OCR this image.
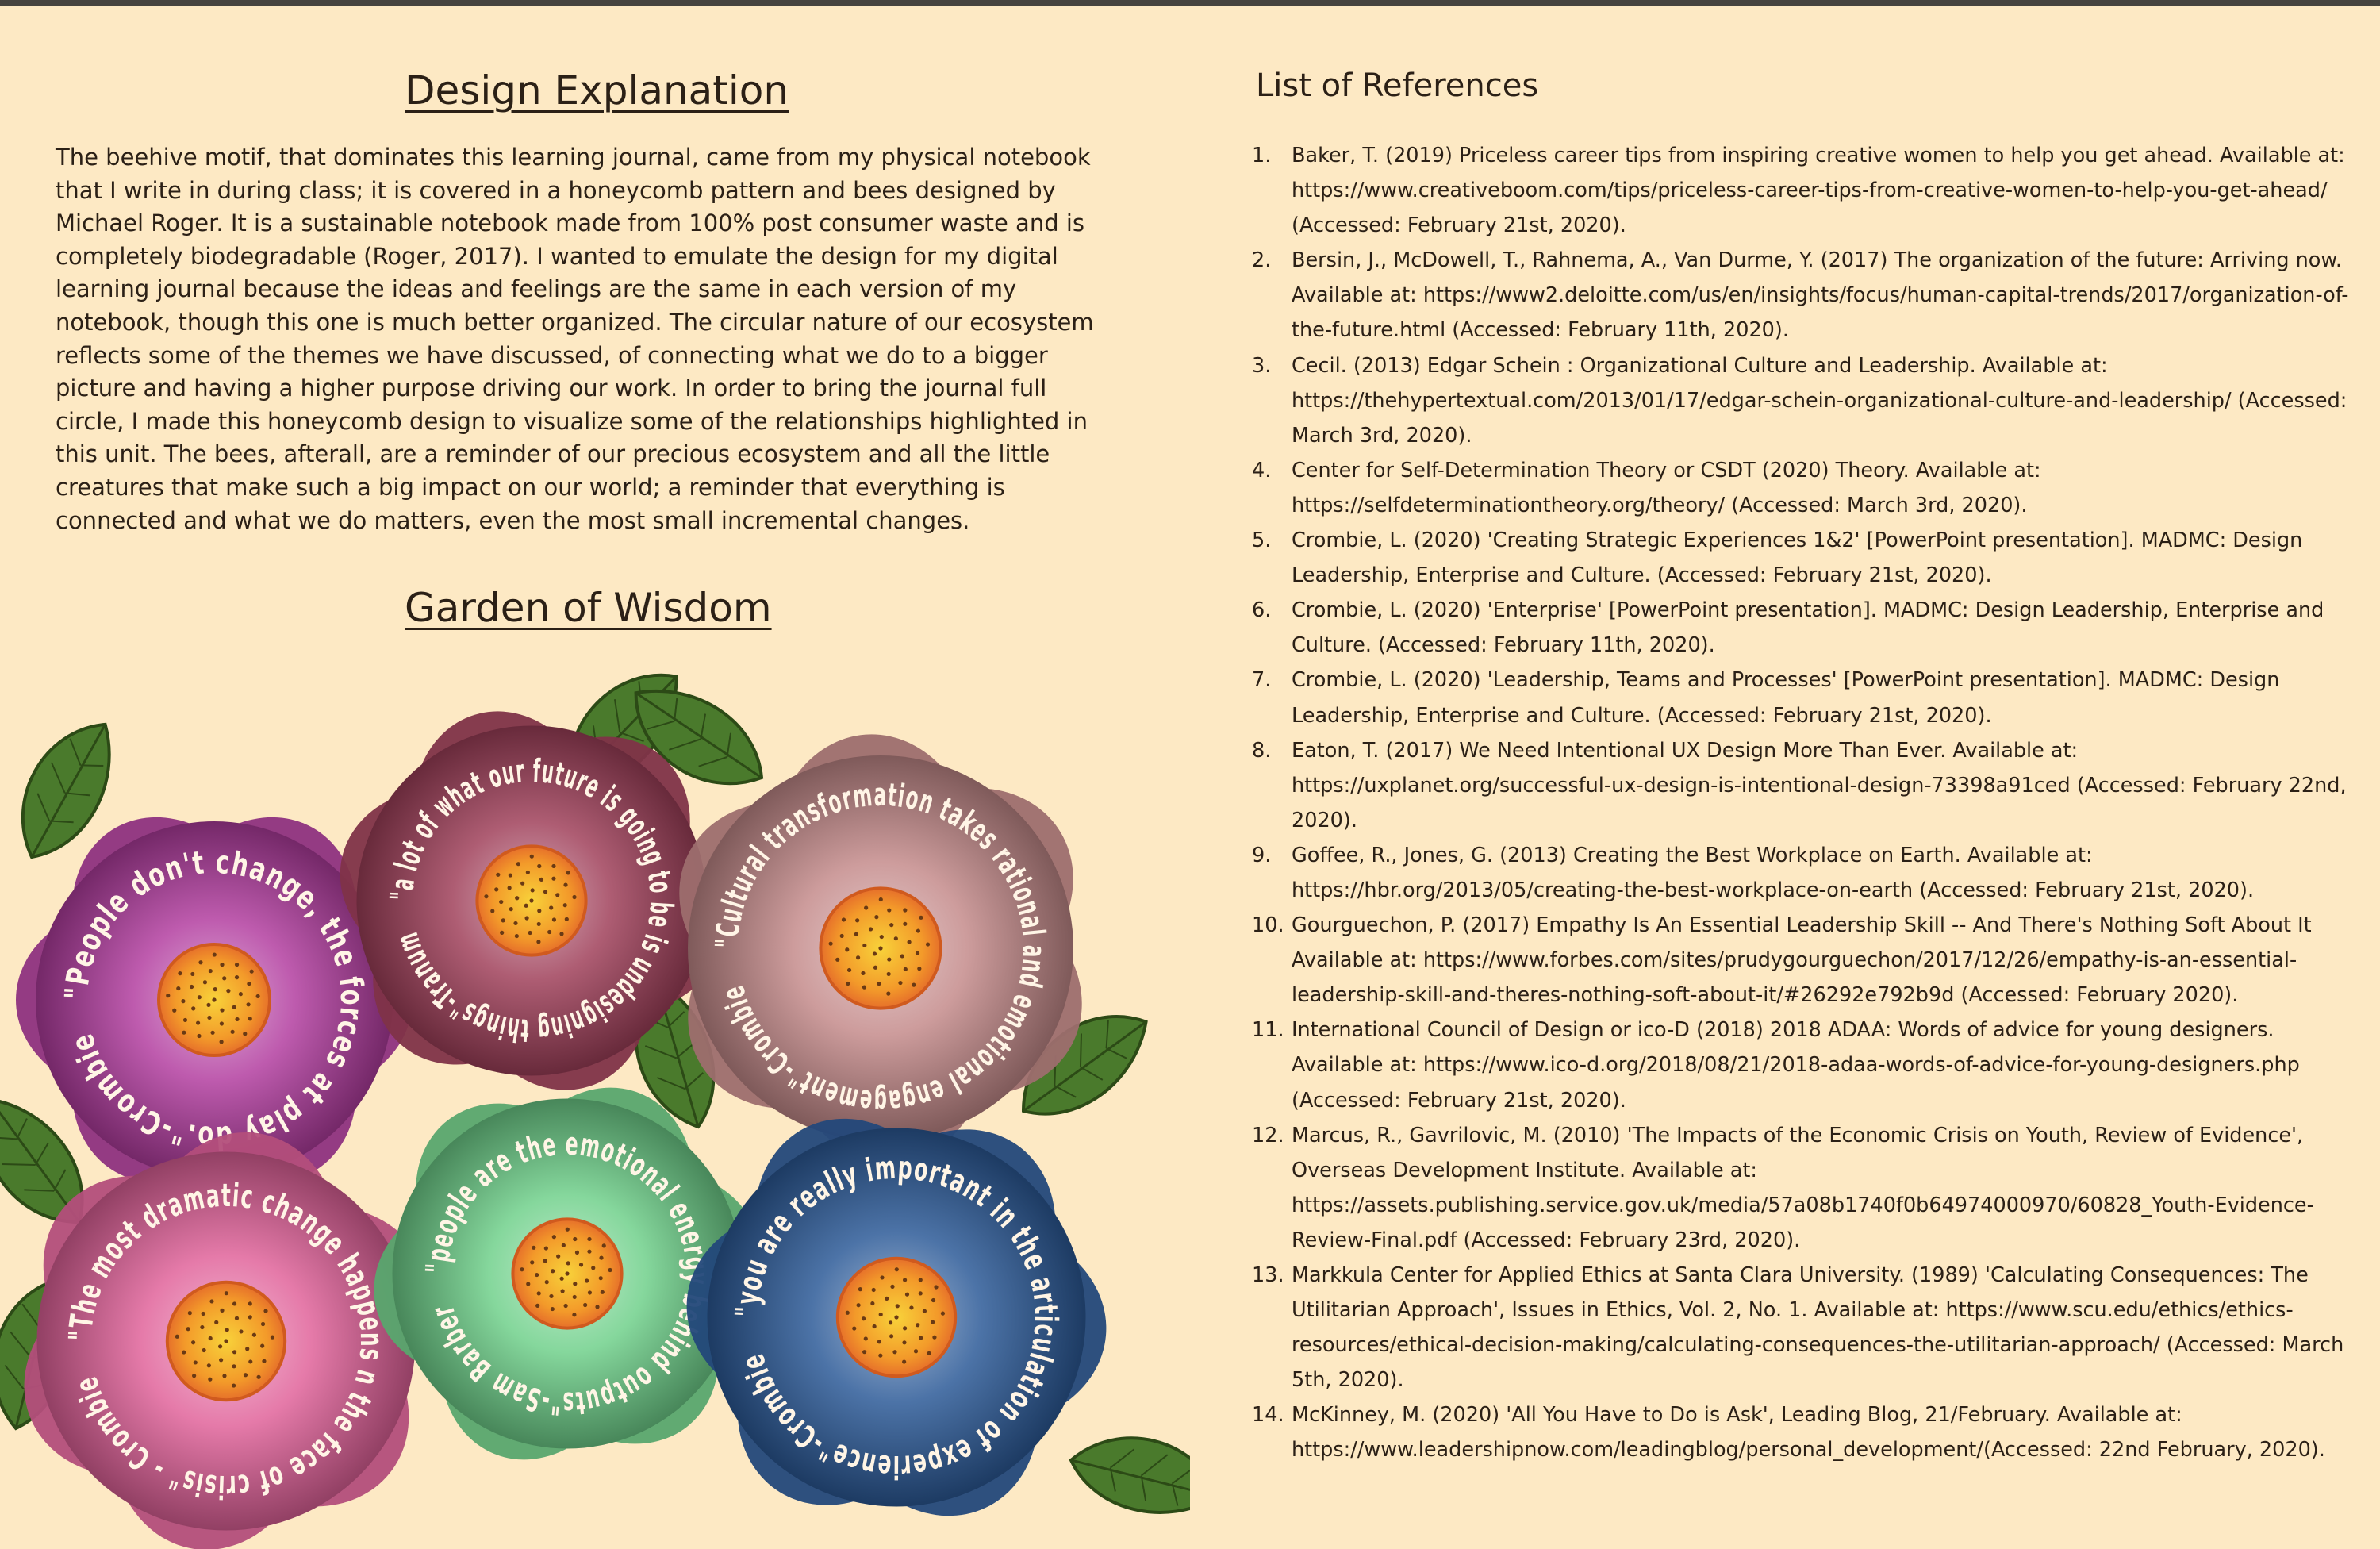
Design Explanation

The beehive motif, that dominates this learning journal, came from my physical notebook that I write in during class; it is covered in a honeycomb pattern and bees designed by Michael Roger. It is a sustainable notebook made from 100% post consumer waste and is completely biodegradable (Roger, 2017). I wanted to emulate the design for my digital learning journal because the ideas and feelings are the same in each version of my notebook, though this one is much better organized. The circular nature of our ecosystem reflects some of the themes we have discussed, of connecting what we do to a bigger picture and having a higher purpose driving our work. In order to bring the journal full circle, I made this honeycomb design to visualize some of the relationships highlighted in this unit. The bees, afterall, are a reminder of our precious ecosystem and all the little creatures that make such a big impact on our world; a reminder that everything is connected and what we do matters, even the most small incremental changes.

Garden of Wisdom
"People don't change, the forces at pla o."-Crombie
"a lot of what our future is going to be is undesigning things"-Tranum	"Cultural transformation takes rational and emotional engagement"-Crombie
"The most dramatic change happens n the face of crisis" - Crombie
"people are the emotional ener ehind outputs"-Sam Barber	"you are really important in the articulation of experience"-Crombie
List of References
1. Baker, T. (2019) Priceless career tips from inspiring creative women to help you get ahead. Available at: https://www.creativeboom.com/tips/priceless-career-tips-from-creative-women-to-help-you-get-ahead/ (Accessed: February 21st, 2020).
2. Bersin, J., McDowell, T., Rahnema, A., Van Durme, Y. (2017) The organization of the future: Arriving now. Available at: https://www2.deloitte.com/us/en/insights/focus/human-capital-trends/2017/organization-of-the-future.html (Accessed: February 11th, 2020).
3. Cecil. (2013) Edgar Schein : Organizational Culture and Leadership. Available at: https://thehypertextual.com/2013/01/17/edgar-schein-organizational-culture-and-leadership/ (Accessed: March 3rd, 2020).
4. Center for Self-Determination Theory or CSDT (2020) Theory. Available at: https://selfdeterminationtheory.org/theory/ (Accessed: March 3rd, 2020).
5. Crombie, L. (2020) 'Creating Strategic Experiences 1&2' [PowerPoint presentation]. MADMC: Design Leadership, Enterprise and Culture. (Accessed: February 21st, 2020).
6. Crombie, L. (2020) 'Enterprise' [PowerPoint presentation]. MADMC: Design Leadership, Enterprise and Culture. (Accessed: February 11th, 2020).
7. Crombie, L. (2020) 'Leadership, Teams and Processes' [PowerPoint presentation]. MADMC: Design Leadership, Enterprise and Culture. (Accessed: February 21st, 2020).
8. Eaton, T. (2017) We Need Intentional UX Design More Than Ever. Available at: https://uxplanet.org/successful-ux-design-is-intentional-design-73398a91ced (Accessed: February 22nd, 2020).
9. Goffee, R., Jones, G. (2013) Creating the Best Workplace on Earth. Available at: https://hbr.org/2013/05/creating-the-best-workplace-on-earth (Accessed: February 21st, 2020).
10. Gourguechon, P. (2017) Empathy Is An Essential Leadership Skill -- And There's Nothing Soft About It Available at: https://www.forbes.com/sites/prudygourguechon/2017/12/26/empathy-is-an-essential-leadership-skill-and-theres-nothing-soft-about-it/#26292e792b9d (Accessed: February 2020).
11. International Council of Design or ico-D (2018) 2018 ADAA: Words of advice for young designers. Available at: https://www.ico-d.org/2018/08/21/2018-adaa-words-of-advice-for-young-designers.php (Accessed: February 21st, 2020).
12. Marcus, R., Gavrilovic, M. (2010) 'The Impacts of the Economic Crisis on Youth, Review of Evidence', Overseas Development Institute. Available at: https://assets.publishing.service.gov.uk/media/57a08b1740f0b64974000970/60828_Youth-Evidence-Review-Final.pdf (Accessed: February 23rd, 2020).
13. Markkula Center for Applied Ethics at Santa Clara University. (1989) 'Calculating Consequences: The Utilitarian Approach', Issues in Ethics, Vol. 2, No. 1. Available at: https://www.scu.edu/ethics/ethics-resources/ethical-decision-making/calculating-consequences-the-utilitarian-approach/ (Accessed: March 5th, 2020).
14. McKinney, M. (2020) 'All You Have to Do is Ask', Leading Blog, 21/February. Available at: https://www.leadershipnow.com/leadingblog/personal_development/(Accessed: 22nd February, 2020).
